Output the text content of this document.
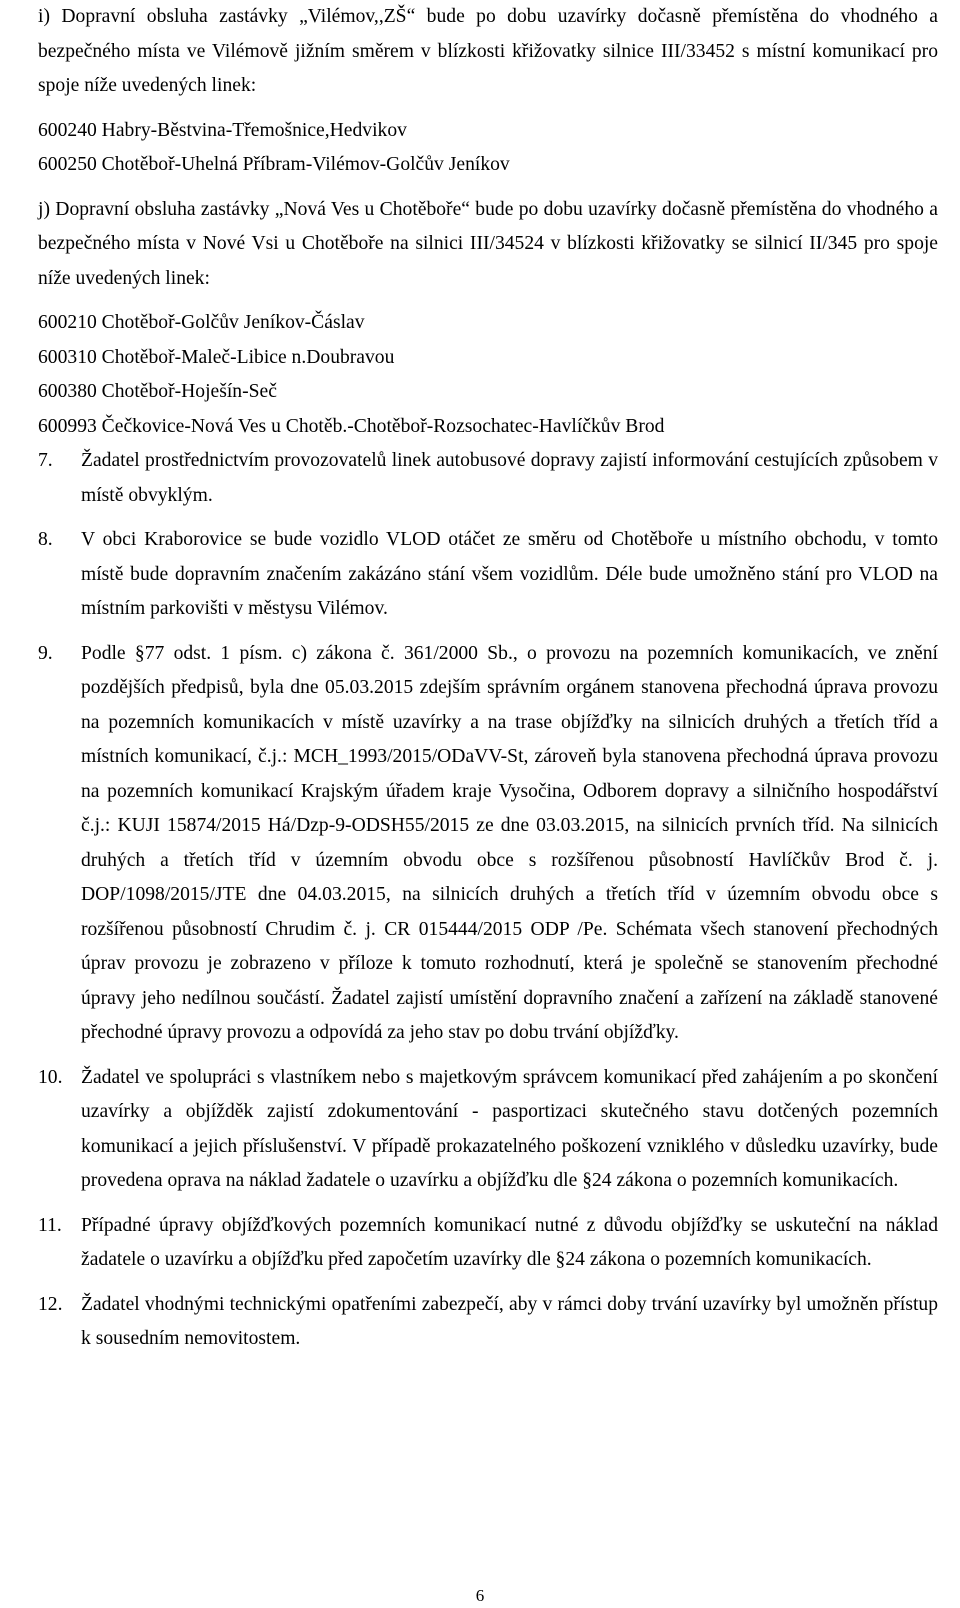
i) Dopravní obsluha zastávky „Vilémov,,ZŠ“ bude po dobu uzavírky dočasně přemístěna do vhodného a bezpečného místa ve Vilémově jižním směrem v blízkosti křižovatky silnice III/33452 s místní komunikací pro spoje níže uvedených linek:

600240 Habry-Běstvina-Třemošnice,Hedvikov
600250 Chotěboř-Uhelná Příbram-Vilémov-Golčův Jeníkov

j) Dopravní obsluha zastávky „Nová Ves u Chotěboře“ bude po dobu uzavírky dočasně přemístěna do vhodného a bezpečného místa v Nové Vsi u Chotěboře na silnici III/34524 v blízkosti křižovatky se silnicí II/345 pro spoje níže uvedených linek:

600210 Chotěboř-Golčův Jeníkov-Čáslav
600310 Chotěboř-Maleč-Libice n.Doubravou
600380 Chotěboř-Hoješín-Seč
600993 Čečkovice-Nová Ves u Chotěb.-Chotěboř-Rozsochatec-Havlíčkův Brod
7. Žadatel prostřednictvím provozovatelů linek autobusové dopravy zajistí informování cestujících způsobem v místě obvyklým.
8. V obci Kraborovice se bude vozidlo VLOD otáčet ze směru od Chotěboře u místního obchodu, v tomto místě bude dopravním značením zakázáno stání všem vozidlům. Déle bude umožněno stání pro VLOD na místním parkovišti v městysu Vilémov.
9. Podle §77 odst. 1 písm. c) zákona č. 361/2000 Sb., o provozu na pozemních komunikacích, ve znění pozdějších předpisů, byla dne 05.03.2015 zdejším správním orgánem stanovena přechodná úprava provozu na pozemních komunikacích v místě uzavírky a na trase objížďky na silnicích druhých a třetích tříd a místních komunikací, č.j.: MCH_1993/2015/ODaVV-St, zároveň byla stanovena přechodná úprava provozu na pozemních komunikací Krajským úřadem kraje Vysočina, Odborem dopravy a silničního hospodářství č.j.: KUJI 15874/2015 Há/Dzp-9-ODSH55/2015 ze dne 03.03.2015, na silnicích prvních tříd. Na silnicích druhých a třetích tříd v územním obvodu obce s rozšířenou působností Havlíčkův Brod č. j. DOP/1098/2015/JTE dne 04.03.2015, na silnicích druhých a třetích tříd v územním obvodu obce s rozšířenou působností Chrudim č. j. CR 015444/2015 ODP /Pe. Schémata všech stanovení přechodných úprav provozu je zobrazeno v příloze k tomuto rozhodnutí, která je společně se stanovením přechodné úpravy jeho nedílnou součástí. Žadatel zajistí umístění dopravního značení a zařízení na základě stanovené přechodné úpravy provozu a odpovídá za jeho stav po dobu trvání objížďky.
10. Žadatel ve spolupráci s vlastníkem nebo s majetkovým správcem komunikací před zahájením a po skončení uzavírky a objížděk zajistí zdokumentování - pasportizaci skutečného stavu dotčených pozemních komunikací a jejich příslušenství. V případě prokazatelného poškození vzniklého v důsledku uzavírky, bude provedena oprava na náklad žadatele o uzavírku a objížďku dle §24 zákona o pozemních komunikacích.
11. Případné úpravy objížďkových pozemních komunikací nutné z důvodu objížďky se uskuteční na náklad žadatele o uzavírku a objížďku před započetím uzavírky dle §24 zákona o pozemních komunikacích.
12. Žadatel vhodnými technickými opatřeními zabezpečí, aby v rámci doby trvání uzavírky byl umožněn přístup k sousedním nemovitostem.
6
